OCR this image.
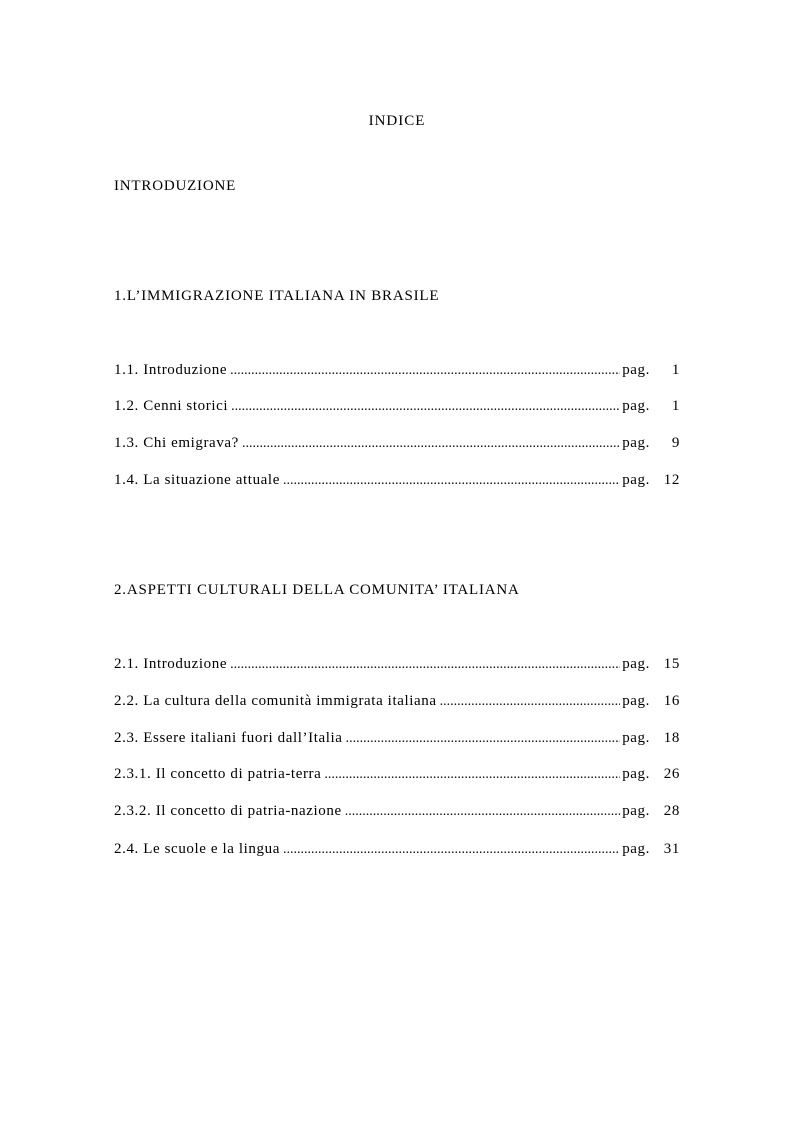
INDICE
INTRODUZIONE
1.L’IMMIGRAZIONE ITALIANA IN BRASILE
1.1. Introduzione .....	pag.	1
1.2. Cenni storici .....	pag.	1
1.3. Chi emigrava? .....	pag.	9
1.4. La situazione attuale .....	pag. 12
2.ASPETTI CULTURALI DELLA COMUNITA’ ITALIANA
2.1. Introduzione .....	pag. 15
2.2. La cultura della comunità immigrata italiana .....	pag. 16
2.3. Essere italiani fuori dall’Italia .....	pag. 18
2.3.1. Il concetto di patria-terra .....	pag. 26
2.3.2. Il concetto di patria-nazione .....	pag. 28
2.4. Le scuole e la lingua .....	pag. 31
